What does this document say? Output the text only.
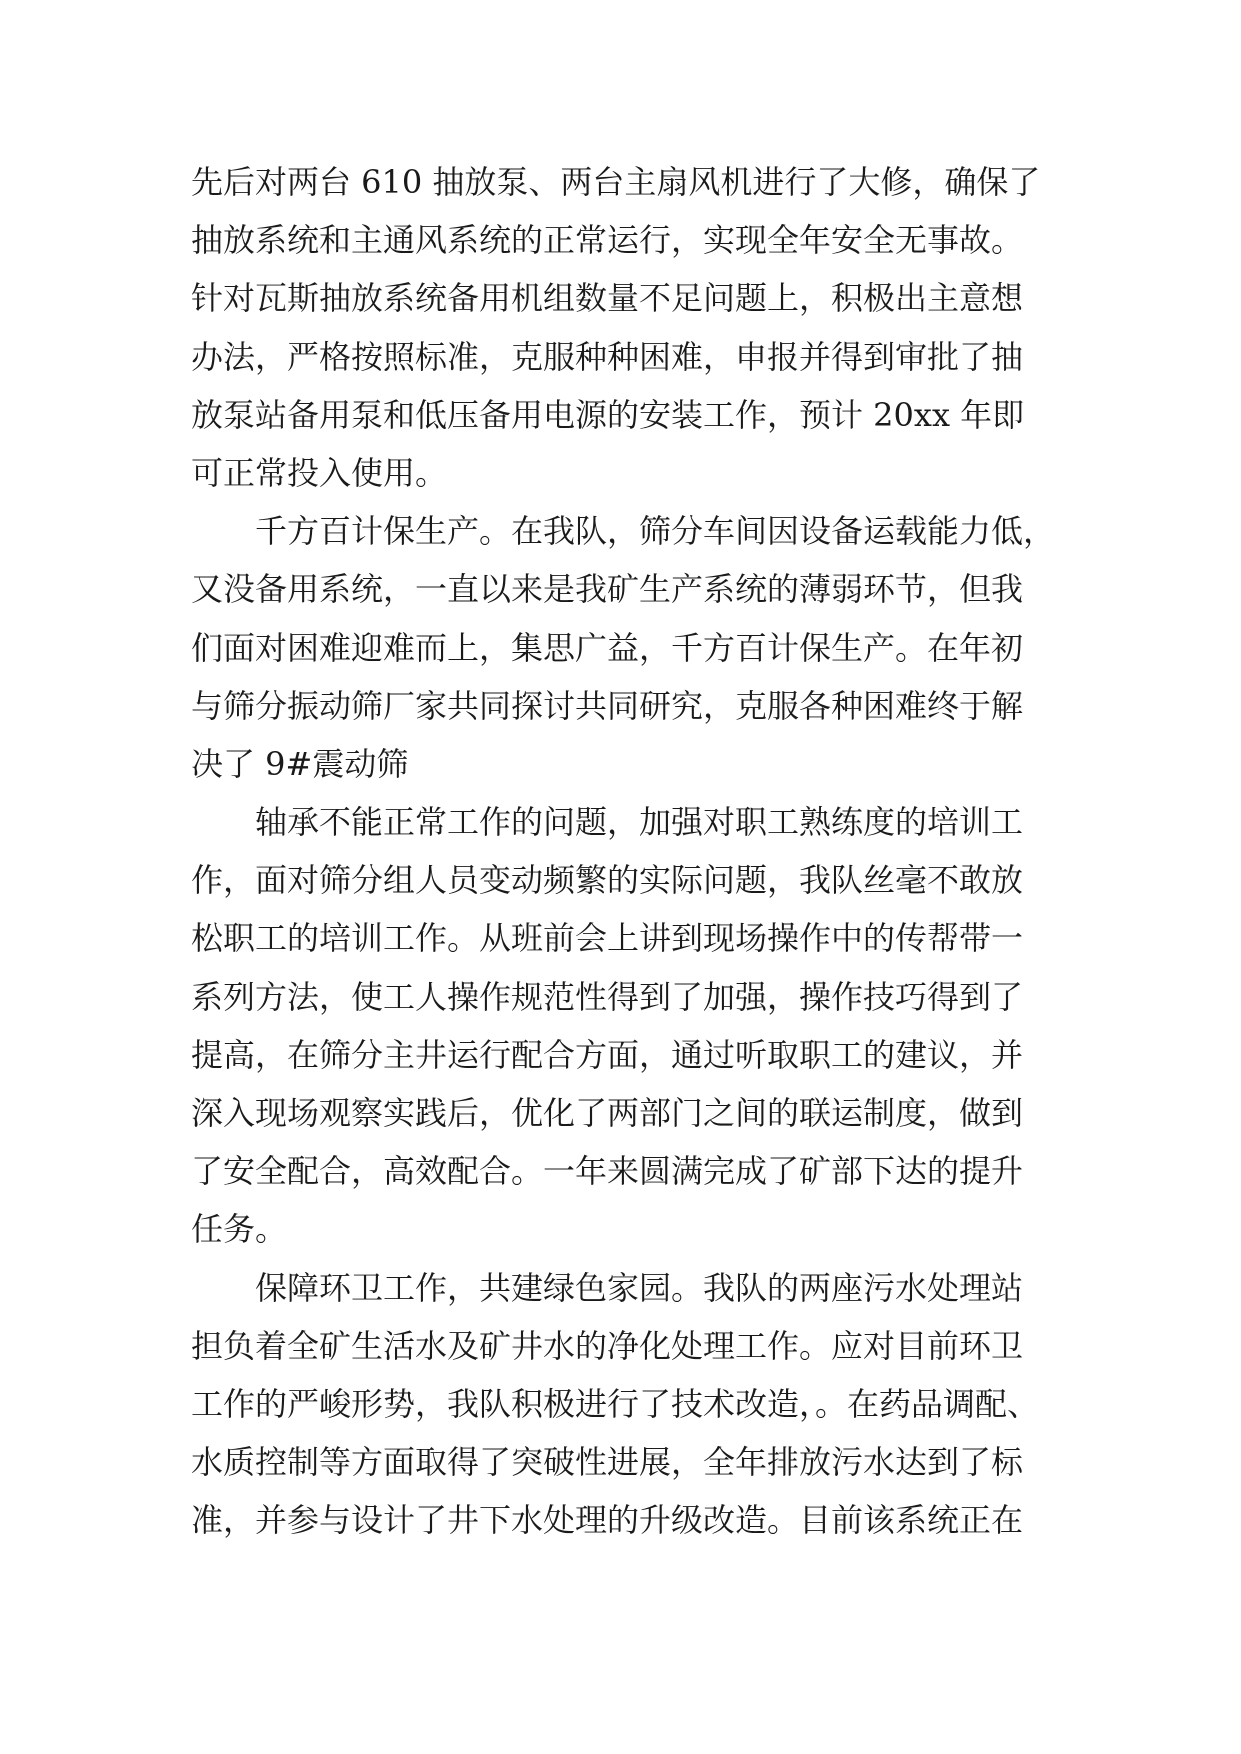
先后对两台 610 抽放泵、两台主扇风机进行了大修，确保了
抽放系统和主通风系统的正常运行，实现全年安全无事故。
针对瓦斯抽放系统备用机组数量不足问题上，积极出主意想
办法，严格按照标准，克服种种困难，申报并得到审批了抽
放泵站备用泵和低压备用电源的安装工作，预计 20xx 年即
可正常投入使用。
千方百计保生产。在我队，筛分车间因设备运载能力低，
又没备用系统，一直以来是我矿生产系统的薄弱环节，但我
们面对困难迎难而上，集思广益，千方百计保生产。在年初
与筛分振动筛厂家共同探讨共同研究，克服各种困难终于解
决了 9#震动筛
轴承不能正常工作的问题，加强对职工熟练度的培训工
作，面对筛分组人员变动频繁的实际问题，我队丝毫不敢放
松职工的培训工作。从班前会上讲到现场操作中的传帮带一
系列方法，使工人操作规范性得到了加强，操作技巧得到了
提高，在筛分主井运行配合方面，通过听取职工的建议，并
深入现场观察实践后，优化了两部门之间的联运制度，做到
了安全配合，高效配合。一年来圆满完成了矿部下达的提升
任务。
保障环卫工作，共建绿色家园。我队的两座污水处理站
担负着全矿生活水及矿井水的净化处理工作。应对目前环卫
工作的严峻形势，我队积极进行了技术改造，。在药品调配、
水质控制等方面取得了突破性进展，全年排放污水达到了标
准，并参与设计了井下水处理的升级改造。目前该系统正在
